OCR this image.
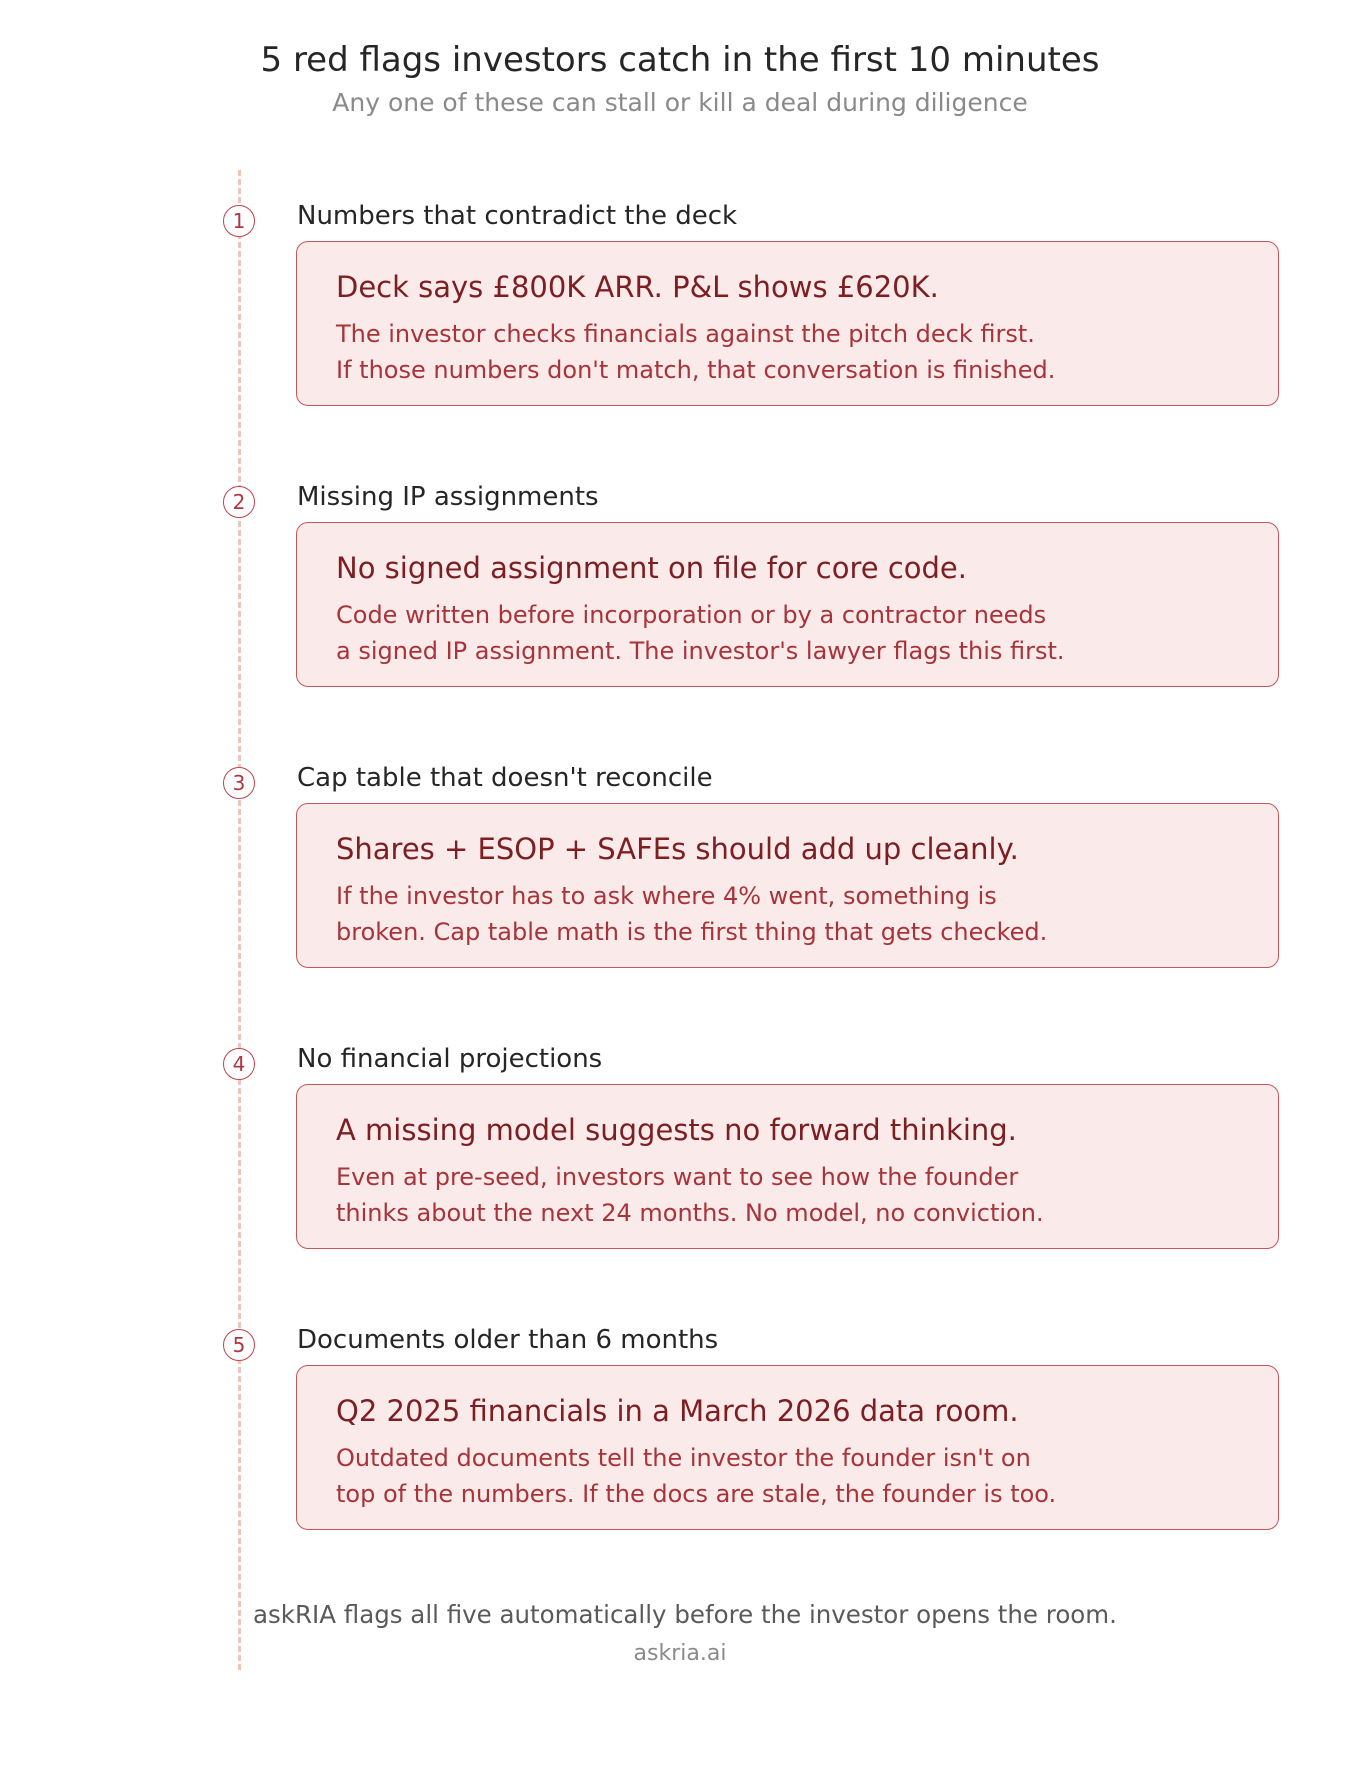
5 red flags investors catch in the first 10 minutes
Any one of these can stall or kill a deal during diligence
1	Numbers that contradict the deck
Deck says £800K ARR. P&L shows £620K.
The investor checks financials against the pitch deck first.
If those numbers don't match, that conversation is finished.
2	Missing IP assignments
No signed assignment on file for core code.
Code written before incorporation or by a contractor needs
a signed IP assignment. The investor's lawyer flags this first.
3	Cap table that doesn't reconcile
Shares + ESOP + SAFEs should add up cleanly.
If the investor has to ask where 4% went, something is
broken. Cap table math is the first thing that gets checked.
4	No financial projections
A missing model suggests no forward thinking.
Even at pre-seed, investors want to see how the founder
thinks about the next 24 months. No model, no conviction.
5	Documents older than 6 months
Q2 2025 financials in a March 2026 data room.
Outdated documents tell the investor the founder isn't on
top of the numbers. If the docs are stale, the founder is too.
askRIA flags all five automatically before the investor opens the room.
askria.ai
